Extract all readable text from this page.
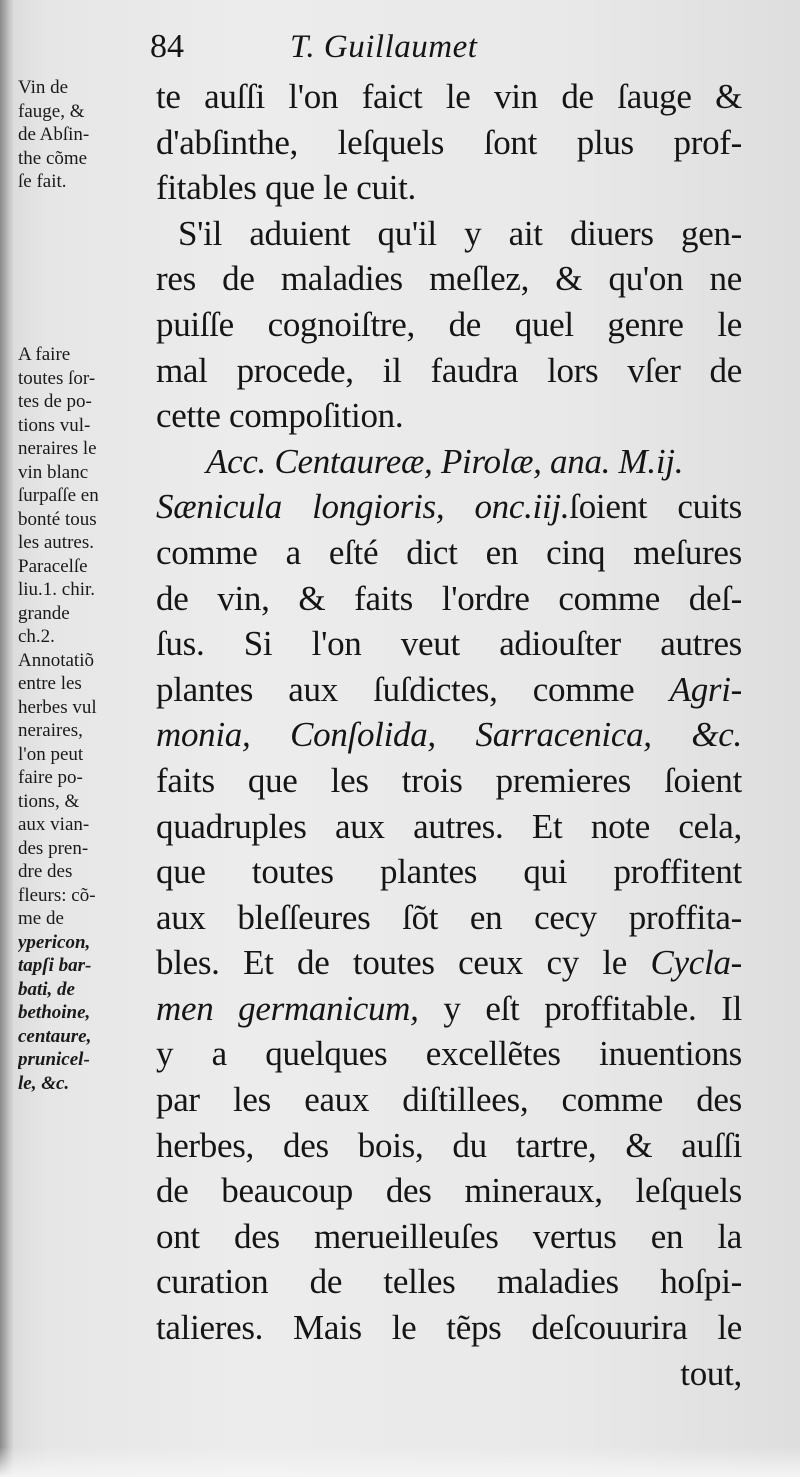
84	T. Guillaumet
Vin de
fauge, &
de Abſin-
the cõme
ſe fait.
A faire
toutes ſor-
tes de po-
tions vul-
neraires le
vin blanc
ſurpaſſe en
bonté tous
les autres.
Paracelſe
liu.1. chir.
grande
ch.2.
Annotatiõ
entre les
herbes vul
neraires,
l'on peut
faire po-
tions, &
aux vian-
des pren-
dre des
fleurs: cõ-
me de
ypericon,
tapſi bar-
bati, de
bethoine,
centaure,
prunicel-
le, &c.
te auſſi l'on faict le vin de ſauge &
d'abſinthe, leſquels ſont plus prof-
fitables que le cuit.
S'il aduient qu'il y ait diuers gen-
res de maladies meſlez, & qu'on ne
puiſſe cognoiſtre, de quel genre le
mal procede, il faudra lors vſer de
cette compoſition.
Acc. Centaureæ, Pirolæ, ana. M.ij.
Sænicula longioris, onc.iij.ſoient cuits
comme a eſté dict en cinq meſures
de vin, & faits l'ordre comme deſ-
ſus. Si l'on veut adiouſter autres
plantes aux ſuſdictes, comme Agri-
monia, Conſolida, Sarracenica, &c.
faits que les trois premieres ſoient
quadruples aux autres. Et note cela,
que toutes plantes qui proffitent
aux bleſſeures ſõt en cecy proffita-
bles. Et de toutes ceux cy le Cycla-
men germanicum, y eſt proffitable. Il
y a quelques excellẽtes inuentions
par les eaux diſtillees, comme des
herbes, des bois, du tartre, & auſſi
de beaucoup des mineraux, leſquels
ont des merueilleuſes vertus en la
curation de telles maladies hoſpi-
talieres. Mais le tẽps deſcouurira le
tout,
